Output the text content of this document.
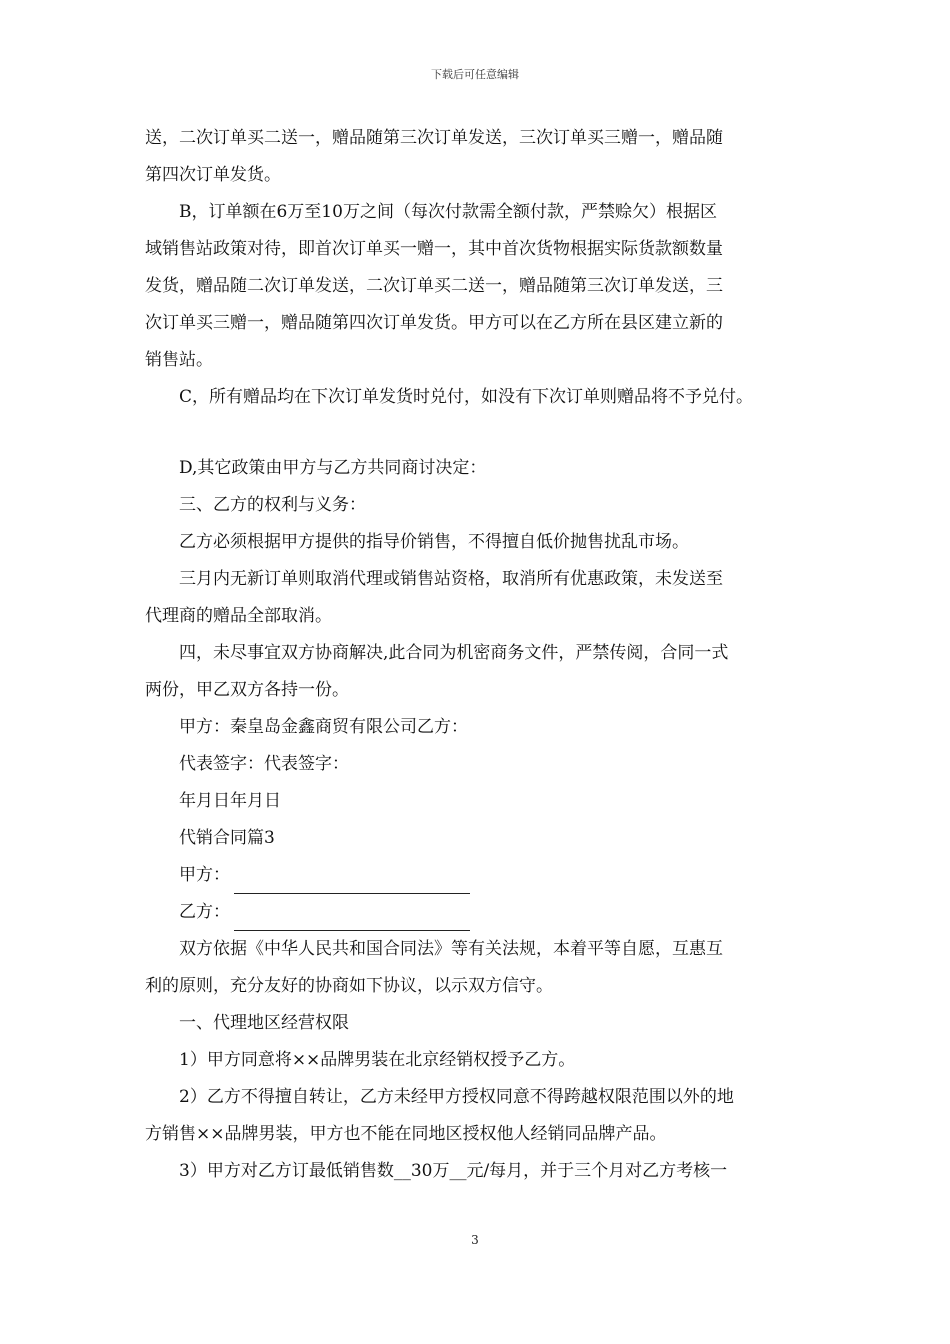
下载后可任意编辑
送，二次订单买二送一，赠品随第三次订单发送，三次订单买三赠一，赠品随
第四次订单发货。
B，订单额在6万至10万之间（每次付款需全额付款，严禁赊欠）根据区
域销售站政策对待，即首次订单买一赠一，其中首次货物根据实际货款额数量
发货，赠品随二次订单发送，二次订单买二送一，赠品随第三次订单发送，三
次订单买三赠一，赠品随第四次订单发货。甲方可以在乙方所在县区建立新的
销售站。
C，所有赠品均在下次订单发货时兑付，如没有下次订单则赠品将不予兑付。
D,其它政策由甲方与乙方共同商讨决定：
三、乙方的权利与义务：
乙方必须根据甲方提供的指导价销售，不得擅自低价抛售扰乱市场。
三月内无新订单则取消代理或销售站资格，取消所有优惠政策，未发送至
代理商的赠品全部取消。
四，未尽事宜双方协商解决,此合同为机密商务文件，严禁传阅，合同一式
两份，甲乙双方各持一份。
甲方：秦皇岛金鑫商贸有限公司乙方：
代表签字：代表签字：
年月日年月日
代销合同篇3
甲方：
乙方：
双方依据《中华人民共和国合同法》等有关法规，本着平等自愿，互惠互
利的原则，充分友好的协商如下协议，以示双方信守。
一、代理地区经营权限
1）甲方同意将××品牌男装在北京经销权授予乙方。
2）乙方不得擅自转让，乙方未经甲方授权同意不得跨越权限范围以外的地
方销售××品牌男装，甲方也不能在同地区授权他人经销同品牌产品。
3）甲方对乙方订最低销售数__30万__元/每月，并于三个月对乙方考核一
3
